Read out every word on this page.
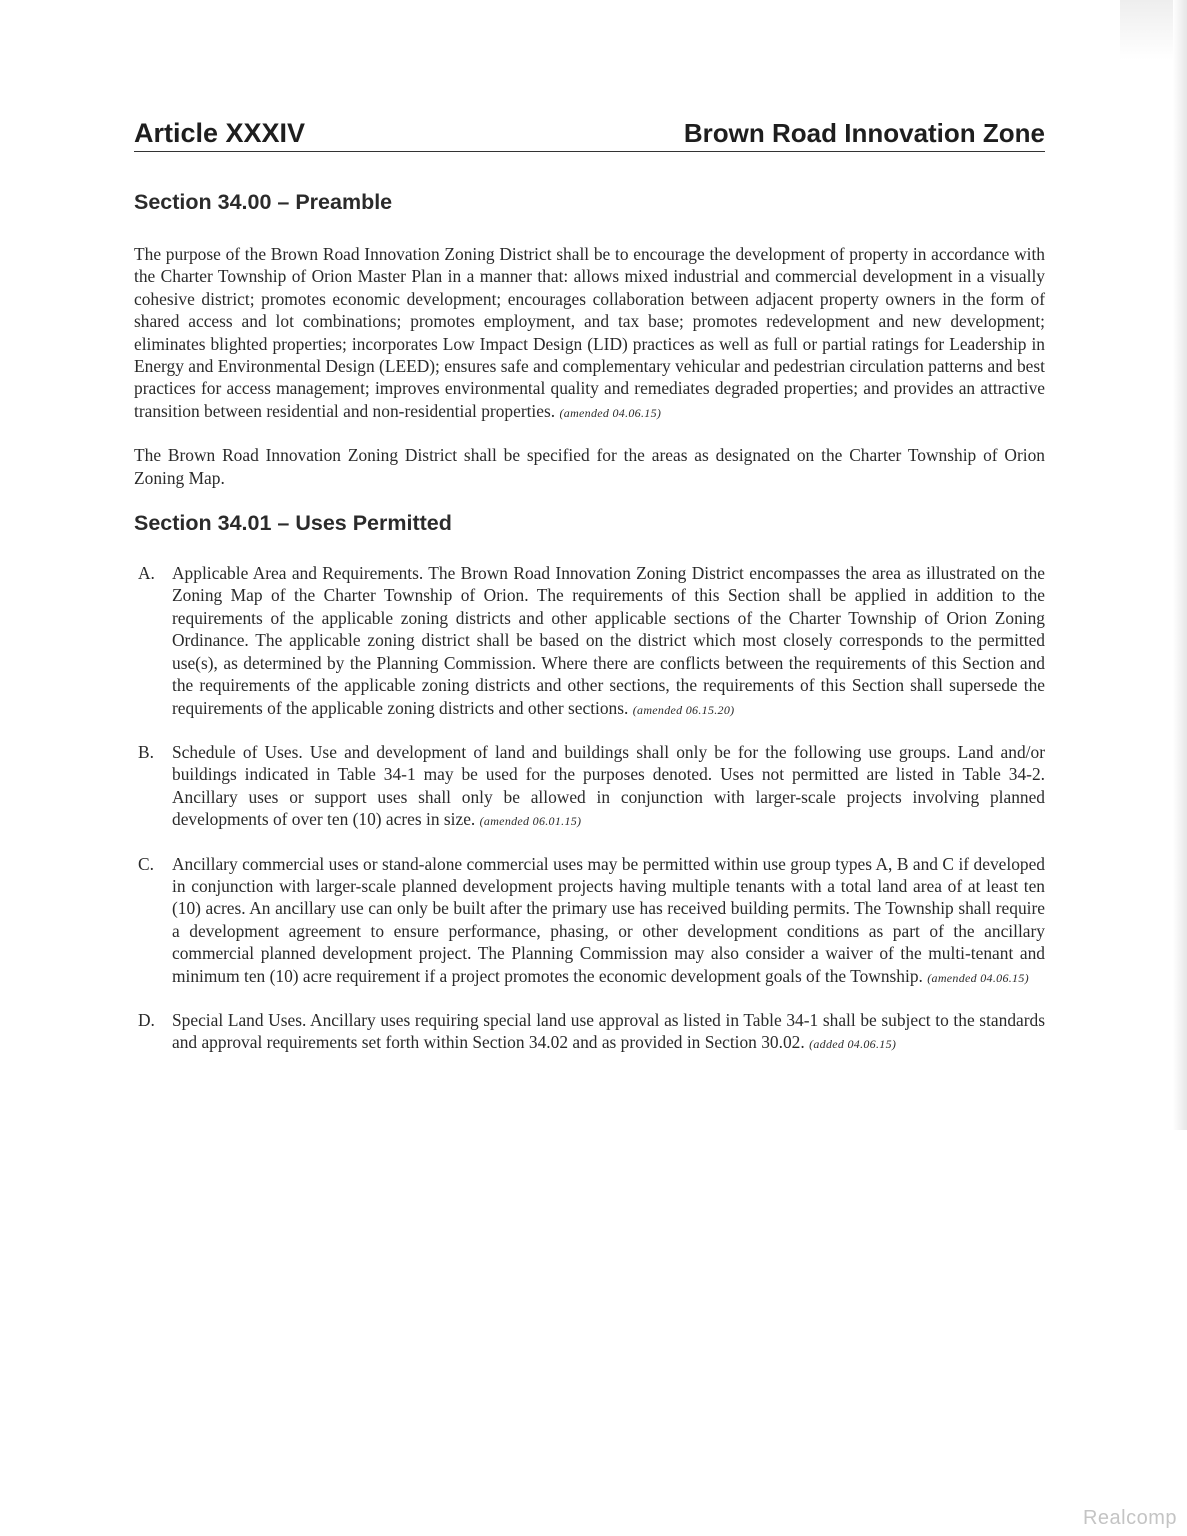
Article XXXIV	Brown Road Innovation Zone
Section 34.00 – Preamble

The purpose of the Brown Road Innovation Zoning District shall be to encourage the development of property in accordance with the Charter Township of Orion Master Plan in a manner that: allows mixed industrial and commercial development in a visually cohesive district; promotes economic development; encourages collaboration between adjacent property owners in the form of shared access and lot combinations; promotes employment, and tax base; promotes redevelopment and new development; eliminates blighted properties; incorporates Low Impact Design (LID) practices as well as full or partial ratings for Leadership in Energy and Environmental Design (LEED); ensures safe and complementary vehicular and pedestrian circulation patterns and best practices for access management; improves environmental quality and remediates degraded properties; and provides an attractive transition between residential and non-residential properties. (amended 04.06.15)

The Brown Road Innovation Zoning District shall be specified for the areas as designated on the Charter Township of Orion Zoning Map.

Section 34.01 – Uses Permitted
A. Applicable Area and Requirements. The Brown Road Innovation Zoning District encompasses the area as illustrated on the Zoning Map of the Charter Township of Orion. The requirements of this Section shall be applied in addition to the requirements of the applicable zoning districts and other applicable sections of the Charter Township of Orion Zoning Ordinance. The applicable zoning district shall be based on the district which most closely corresponds to the permitted use(s), as determined by the Planning Commission. Where there are conflicts between the requirements of this Section and the requirements of the applicable zoning districts and other sections, the requirements of this Section shall supersede the requirements of the applicable zoning districts and other sections. (amended 06.15.20)
B.	Schedule of Uses. Use and development of land and buildings shall only be for the following use groups. Land and/or buildings indicated in Table 34-1 may be used for the purposes denoted. Uses not permitted are listed in Table 34-2. Ancillary uses or support uses shall only be allowed in conjunction with larger-scale projects involving planned developments of over ten (10) acres in size. (amended 06.01.15)
C.	Ancillary commercial uses or stand-alone commercial uses may be permitted within use group types A, B and C if developed in conjunction with larger-scale planned development projects having multiple tenants with a total land area of at least ten (10) acres. An ancillary use can only be built after the primary use has received building permits. The Township shall require a development agreement to ensure performance, phasing, or other development conditions as part of the ancillary commercial planned development project. The Planning Commission may also consider a waiver of the multi-tenant and minimum ten (10) acre requirement if a project promotes the economic development goals of the Township. (amended 04.06.15)
D. Special Land Uses. Ancillary uses requiring special land use approval as listed in Table 34-1 shall be subject to the standards and approval requirements set forth within Section 34.02 and as provided in Section 30.02. (added 04.06.15)
Realcomp
